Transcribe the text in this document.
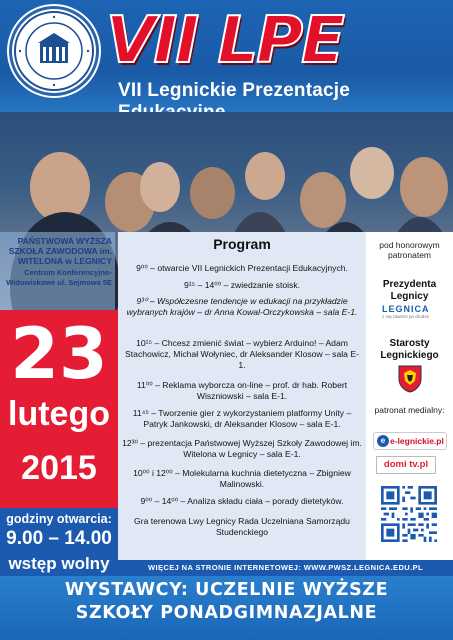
VII LPE
VII Legnickie Prezentacje
PAŃSTWOWA WYŻSZA SZKOŁA ZAWODOWA im. WITELONA w LEGNICY
Centrum Konferencyjno-Widowiskowe ul. Sejmowa 5E
23
lutego
2015
godziny otwarcia:
9.00 – 14.00
wstęp wolny
Program
9⁰⁰ – otwarcie VII Legnickich Prezentacji Edukacyjnych.
9¹⁵ – 14⁰⁰ – zwiedzanie stoisk.
9³⁰ – Współczesne tendencje w edukacji na przykładzie wybranych krajów – dr Anna Kowal-Orczykowska – sala E-1.
10¹⁵ – Chcesz zmienić świat – wybierz Arduino! – Adam Stachowicz, Michał Wołyniec, dr Aleksander Klosow – sala E-1.
11⁰⁰ – Reklama wyborcza on-line – prof. dr hab. Robert Wiszniowski – sala E-1.
11⁴⁵ – Tworzenie gier z wykorzystaniem platformy Unity – Patryk Jankowski, dr Aleksander Klosow – sala E-1.
12³⁰ – prezentacja Państwowej Wyższej Szkoły Zawodowej im. Witelona w Legnicy – sala E-1.
10⁰⁰ i 12⁰⁰ – Molekularna kuchnia dietetyczna – Zbigniew Malinowski.
9⁰⁰ – 14⁰⁰ – Analiza składu ciała – porady dietetyków.
Gra terenowa Lwy Legnicy Rada Uczelniana Samorządu Studenckiego
pod honorowym patronatem
Prezydenta Legnicy
LEGNICA
z nią zawsze po drodze
Starosty Legnickiego
patronat medialny:
e e-legnickie.pl
domi tv.pl
WIĘCEJ NA STRONIE INTERNETOWEJ: WWW.PWSZ.LEGNICA.EDU.PL
WYSTAWCY: UCZELNIE WYŻSZE
SZKOŁY PONADGIMNAZJALNE
